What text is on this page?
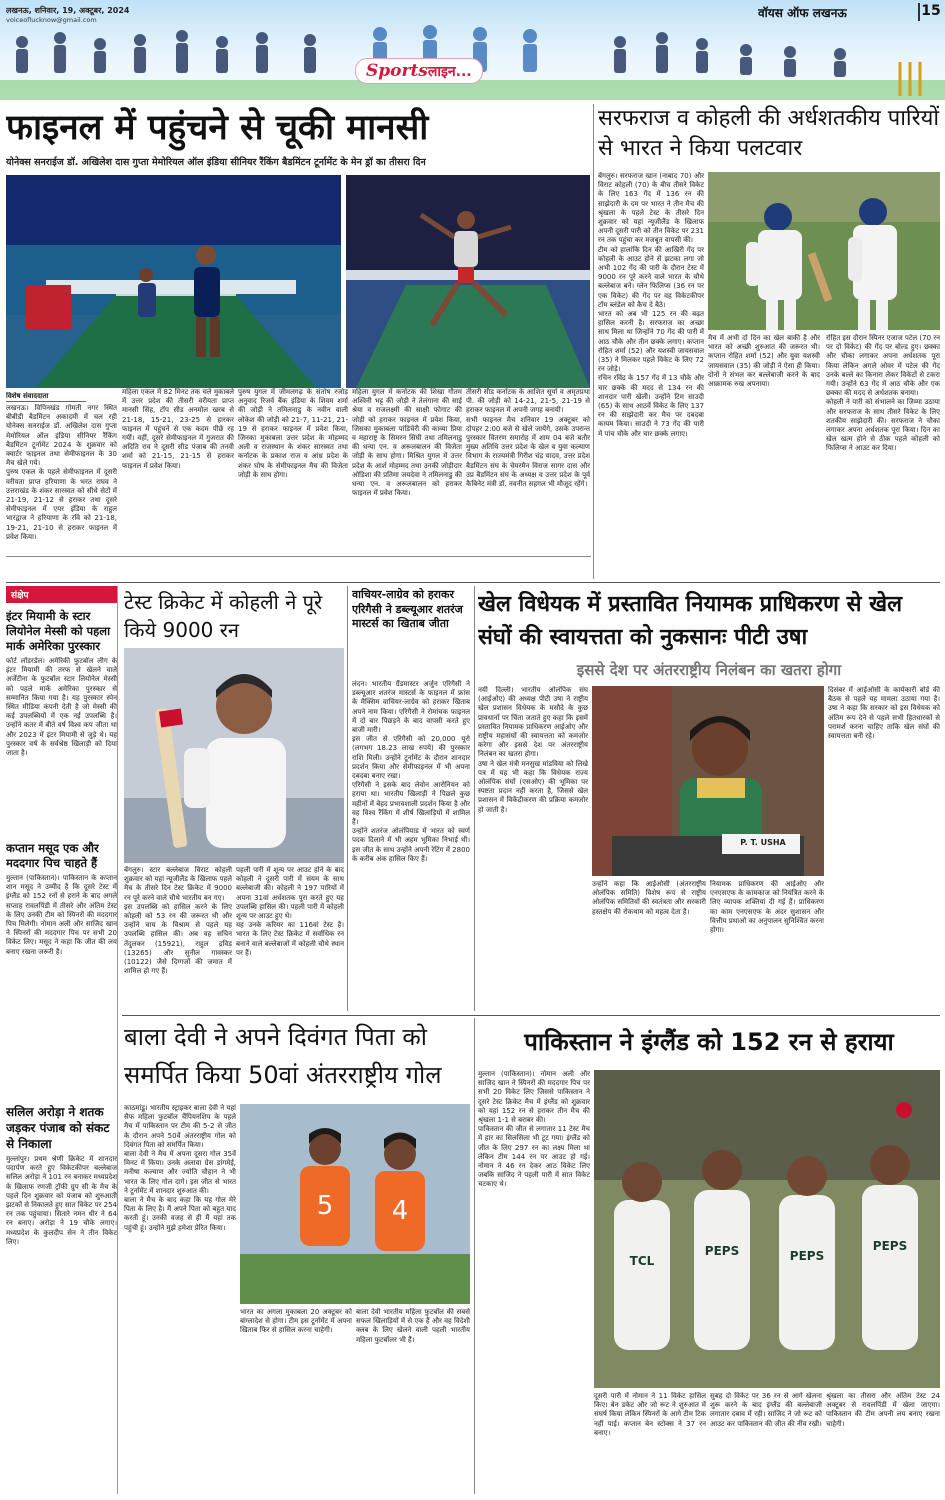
लखनऊ, शनिवार, 19, अक्टूबर, 2024
voiceoflucknow@gmail.com	वॉयस ऑफ लखनऊ	15
Sportsलाइन...
फाइनल में पहुंचने से चूकी मानसी
योनेक्स सनराईज डॉ. अखिलेश दास गुप्ता मेमोरियल ऑल इंडिया सीनियर रैंकिंग बैडमिंटन टूर्नामेंट के मेन ड्रॉ का तीसरा दिन
विशेष संवाददाता

लखनऊ। विपिनखंड गोमती नगर स्थित बीबीडी बैडमिंटन अकादमी में चल रही योनेक्स सनराईज डॉ. अखिलेश दास गुप्ता मेमोरियल ऑल इंडिया सीनियर रैंकिंग बैडमिंटन टूर्नामेंट 2024 के शुक्रवार को क्वार्टर फाइनल तथा सेमीफाइनल के 30 मैच खेले गये।

पुरुष एकल के पहले सेमीफाइनल में दूसरी वरीयता प्राप्त हरियाणा के भरत राघव ने उत्तराखंड के शंकर सारस्वत को सीधे सेटों में 21-19, 21-12 से हराकर तथा दूसरे सेमीफाइनल में एयर इंडिया के राहुल भारद्वाज ने हरियाणा के रवि को 21-18, 19-21, 21-10 से हराकर फाइनल में प्रवेश किया।

महिला एकल में 82 मिनट तक चले मुकाबले में उत्तर प्रदेश की तीसरी वरीयता प्राप्त मानसी सिंह, टॉप सीड अनमोल खरब से 21-18, 15-21, 23-25 से हारकर फाइनल में पहुंचने से एक कदम पीछे रह गयीं। वहीं, दूसरे सेमीफाइनल में गुजरात की अदिति राव ने दूसरी सीड पंजाब की तनवी शर्मा को 21-15, 21-15 से हराकर फाइनल में प्रवेश किया।

पुरुष युगल में जीमलगढ़ के संतोष रजोड़ अनुवाद रिजर्व बैंक इंडिया के शिवम शर्मा की जोड़ी ने तमिलनाडु के नवीन वाली लोकेश की जोड़ी को 21-7, 11-21, 21-19 से हराकर फाइनल में प्रवेश किया, जिनका मुकाबला उत्तर प्रदेश के मोहम्मद अली व राजस्थान के शंकर सारस्वत तथा कर्नाटक के प्रकाश राज व आंध्र प्रदेश के शंकर घोष के सेमीफाइनल मैच की विजेता जोड़ी के साथ होगा।

महिला युगल में कर्नाटक की शिखा गौतम अश्विनी भट्ट की जोड़ी ने तेलंगाना की साई श्रेया व राजलक्ष्मी की साक्षी फोगाट की जोड़ी को हराकर फाइनल में प्रवेश किया, जिसका मुकाबला पांडिचेरी की काव्या प्रिया व महाराष्ट्र के सिमरन सिंघी तथा तमिलनाडु की धन्या एन. व अरूलबालन की विजेता जोड़ी के साथ होगा। मिश्रित युगल में उत्तर प्रदेश के आर्श मोहम्मद तथा उनकी जोड़ीदार ओडिशा की प्रतिमा जयदेवा ने तमिलनाडु की धन्या एन. व अरूलबालन को हराकर फाइनल में प्रवेश किया।

तीसरी सीड कर्नाटक के आशित सूर्या व अमृतप्रथा पी. की जोड़ी को 14-21, 21-5, 21-19 से हराकर फाइनल में अपनी जगह बनायी।

सभी फाइनल मैच शनिवार 19 अक्टूबर को दोपहर 2:00 बजे से खेले जायेंगे, उसके उपरान्त पुरस्कार वितरण समारोह में शाम 04 बजे बतौर मुख्य अतिथि उत्तर प्रदेश के खेल व युवा कल्याण विभाग के राज्यमंत्री गिरीश चंद्र यादव, उत्तर प्रदेश बैडमिंटन संघ के चेयरमैन विराज सागर दास और उप्र बैडमिंटन संघ के अध्यक्ष व उत्तर प्रदेश के पूर्व कैबिनेट मंत्री डॉ. नवनीत सहगल भी मौजूद रहेंगे।

सरफराज व कोहली की अर्धशतकीय पारियों से भारत ने किया पलटवार

बेंगलुरु। सरफराज खान (नाबाद 70) और विराट कोहली (70) के बीच तीसरे विकेट के लिए 163 गेंद में 136 रन की साझेदारी के दम पर भारत ने तीन मैच की श्रृंखला के पहले टेस्ट के तीसरे दिन शुक्रवार को यहां न्यूजीलैंड के खिलाफ अपनी दूसरी पारी को तीन विकेट पर 231 रन तक पहुंचा कर मजबूत वापसी की।

टीम को हालांकि दिन की आखिरी गेंद पर कोहली के आउट होने से झटका लगा जो अभी 102 गेंद की पारी के दौरान टेस्ट में 9000 रन पूरे करने वाले भारत के चौथे बल्लेबाज बने। ग्लेन फिलिप्स (36 रन पर एक विकेट) की गेंद पर वह विकेटकीपर टॉम ब्लंडेल को कैच दे बैठे।

भारत को अब भी 125 रन की बढ़त हासिल करनी है। सरफराज का अच्छा साथ मिला था जिन्होंने 70 गेंद की पारी में आठ चौके और तीन छक्के लगाए। कप्तान रोहित शर्मा (52) और यशस्वी जायसवाल (35) ने मिलकर पहले विकेट के लिए 72 रन जोड़े।

रचिन रविंद्र के 157 गेंद में 13 चौके और चार छक्के की मदद से 134 रन की शानदार पारी खेली। उन्होंने टिम साउदी (65) के साथ आठवें विकेट के लिए 137 रन की साझेदारी कर मैच पर दबदबा कायम किया। साउदी ने 73 गेंद की पारी में पांच चौके और चार छक्के लगाए।

मैच में अभी दो दिन का खेल बाकी है और भारत को अच्छी शुरुआत की जरूरत थी। कप्तान रोहित शर्मा (52) और युवा यशस्वी जायसवाल (35) की जोड़ी ने ऐसा ही किया। दोनों ने संभल कर बल्लेबाजी करने के बाद आक्रामक रुख अपनाया।

रोहित इस दौरान स्पिनर एजाज पटेल (70 रन पर दो विकेट) की गेंद पर बोल्ड हुए। छक्का और चौका लगाकर अपना अर्धशतक पूरा किया लेकिन अगले ओवर में पटेल की गेंद उनके बल्ले का किनारा लेकर विकेटों से टकरा गयी। उन्होंने 63 गेंद में आठ चौके और एक छक्का की मदद से अर्धशतक बनाया।

कोहली ने पारी को संभालने का जिम्मा उठाया और सरफराज के साथ तीसरे विकेट के लिए शतकीय साझेदारी की। सरफराज ने चौका लगाकर अपना अर्धशतक पूरा किया। दिन का खेल खत्म होने से ठीक पहले कोहली को फिलिप्स ने आउट कर दिया।

संक्षेप
इंटर मियामी के स्टार लियोनेल मेस्सी को पहला मार्क अमेरिका पुरस्कार
फोर्ट लॉडरडेल। अमेरिकी फुटबॉल लीग के इंटर मियामी की तरफ से खेलने वाले अर्जेंटीना के फुटबॉल स्टार लियोनेल मेस्सी को पहले मार्क अमेरिका पुरस्कार से सम्मानित किया गया है। यह पुरस्कार स्पेन स्थित मीडिया कंपनी देती है जो मेस्सी की कई उपलब्धियों में एक नई उपलब्धि है। उन्होंने कतर में बीते वर्ष विश्व कप जीता था और 2023 में इंटर मियामी से जुड़े थे। यह पुरस्कार वर्ष के सर्वश्रेष्ठ खिलाड़ी को दिया जाता है।
कप्तान मसूद एक और मददगार पिच चाहते हैं
मुल्तान (पाकिस्तान)। पाकिस्तान के कप्तान शान मसूद ने उम्मीद है कि दूसरे टेस्ट में इंग्लैंड को 152 रनों से हराने के बाद अगले सप्ताह रावलपिंडी में तीसरे और अंतिम टेस्ट के लिए उनकी टीम को स्पिनरों की मददगार पिच मिलेगी। नोमान अली और साजिद खान ने स्पिनरों की मददगार पिच पर सभी 20 विकेट लिए। मसूद ने कहा कि जीत की लय बनाए रखना जरूरी है।
सलिल अरोड़ा ने शतक जड़कर पंजाब को संकट से निकाला
मुल्लांपुर। प्रथम श्रेणी क्रिकेट में शानदार पदार्पण करते हुए विकेटकीपर बल्लेबाज सलिल अरोड़ा ने 101 रन बनाकर मध्यप्रदेश के खिलाफ रणजी ट्रॉफी ग्रुप सी के मैच के पहले दिन शुक्रवार को पंजाब को शुरुआती झटकों से निकालते हुए सात विकेट पर 254 रन तक पहुंचाया। सितारे नमन धीर ने 64 रन बनाए। अरोड़ा ने 19 चौके लगाए। मध्यप्रदेश के कुलदीप सेन ने तीन विकेट लिए।
टेस्ट क्रिकेट में कोहली ने पूरे किये 9000 रन

बेंगलुरु। स्टार बल्लेबाज विराट कोहली शुक्रवार को यहां न्यूजीलैंड के खिलाफ पहले मैच के तीसरे दिन टेस्ट क्रिकेट में 9000 रन पूरे करने वाले चौथे भारतीय बन गए।

इस उपलब्धि को हासिल करने के लिए कोहली को 53 रन की जरूरत थी और उन्होंने चाय के विश्राम से पहले यह उपलब्धि हासिल की। अब वह सचिन तेंदुलकर (15921), राहुल द्रविड़ (13265) और सुनील गावस्कर (10122) जैसे दिग्गजों की जमात में शामिल हो गए हैं।

पहली पारी में शून्य पर आउट होने के बाद कोहली ने दूसरी पारी में संयम के साथ बल्लेबाजी की। कोहली ने 197 पारियों में अपना 31वां अर्धशतक पूरा करते हुए यह उपलब्धि हासिल की। पहली पारी में कोहली शून्य पर आउट हुए थे।

यह उनके करियर का 116वां टेस्ट है। भारत के लिए टेस्ट क्रिकेट में सर्वाधिक रन बनाने वाले बल्लेबाजों में कोहली चौथे स्थान पर हैं।

वाचियर-लाग्रेव को हराकर एरिगैसी ने डब्ल्यूआर शतरंज मास्टर्स का खिताब जीता

लंदन। भारतीय ग्रैंडमास्टर अर्जुन एरिगैसी ने डब्ल्यूआर शतरंज मास्टर्स के फाइनल में फ्रांस के मैक्सिम वाचियर-लाग्रेव को हराकर खिताब अपने नाम किया। एरिगैसी ने रोमांचक फाइनल में दो बार पिछड़ने के बाद वापसी करते हुए बाजी मारी।

इस जीत से एरिगैसी को 20,000 यूरो (लगभग 18.23 लाख रुपये) की पुरस्कार राशि मिली। उन्होंने टूर्नामेंट के दौरान शानदार प्रदर्शन किया और सेमीफाइनल में भी अपना दबदबा बनाए रखा।

एरिगैसी ने इसके बाद लेवोन आरोनियन को हराया था। भारतीय खिलाड़ी ने पिछले कुछ महीनों में बेहद प्रभावशाली प्रदर्शन किया है और वह विश्व रैंकिंग में शीर्ष खिलाड़ियों में शामिल हैं।

उन्होंने शतरंज ओलंपियाड में भारत को स्वर्ण पदक दिलाने में भी अहम भूमिका निभाई थी। इस जीत के साथ उन्होंने अपनी रेटिंग में 2800 के करीब अंक हासिल किए हैं।

खेल विधेयक में प्रस्तावित नियामक प्राधिकरण से खेल संघों की स्वायत्तता को नुकसानः पीटी उषा
इससे देश पर अंतरराष्ट्रीय निलंबन का खतरा होगा

नयी दिल्ली। भारतीय ओलंपिक संघ (आईओए) की अध्यक्ष पीटी उषा ने राष्ट्रीय खेल प्रशासन विधेयक के मसौदे के कुछ प्रावधानों पर चिंता जताते हुए कहा कि इसमें प्रस्तावित नियामक प्राधिकरण आईओए और राष्ट्रीय महासंघों की स्वायत्तता को कमजोर करेगा और इससे देश पर अंतरराष्ट्रीय निलंबन का खतरा होगा।

उषा ने खेल मंत्री मनसुख मांडविया को लिखे पत्र में यह भी कहा कि विधेयक राज्य ओलंपिक संघों (एसओए) की भूमिका पर स्पष्टता प्रदान नहीं करता है, जिससे खेल प्रशासन में विकेंद्रीकरण की प्रक्रिया कमजोर हो जाती है।

P. T. USHA

दिसंबर में आईओसी के कार्यकारी बोर्ड की बैठक से पहले यह मामला उठाया गया है। उषा ने कहा कि सरकार को इस विधेयक को अंतिम रूप देने से पहले सभी हितधारकों से परामर्श करना चाहिए ताकि खेल संघों की स्वायत्तता बनी रहे।

उन्होंने कहा कि आईओसी (अंतरराष्ट्रीय ओलंपिक समिति) विशेष रूप से राष्ट्रीय ओलंपिक समितियों की स्वतंत्रता और सरकारी हस्तक्षेप की रोकथाम को महत्व देता है।

नियामक प्राधिकरण की आईओए और एनएसएफ के कामकाज को नियंत्रित करने के लिए व्यापक शक्तियां दी गई हैं। प्राधिकरण का काम एनएसएफ के अंदर सुशासन और वित्तीय प्रथाओं का अनुपालन सुनिश्चित करना होगा।

बाला देवी ने अपने दिवंगत पिता को समर्पित किया 50वां अंतरराष्ट्रीय गोल

काठमांडू। भारतीय स्ट्राइकर बाला देवी ने यहां सैफ महिला फुटबॉल चैंपियनशिप के पहले मैच में पाकिस्तान पर टीम की 5-2 से जीत के दौरान अपने 50वें अंतरराष्ट्रीय गोल को दिवंगत पिता को समर्पित किया।

बाला देवी ने मैच में अपना दूसरा गोल 35वें मिनट में किया। उनके अलावा ग्रेस डांगमेई, मनीषा कल्याण और ज्योति चौहान ने भी भारत के लिए गोल दागे। इस जीत से भारत ने टूर्नामेंट में शानदार शुरुआत की।

बाला ने मैच के बाद कहा कि यह गोल मेरे पिता के लिए है। मैं अपने पिता को बहुत याद करती हूं। उनकी वजह से ही मैं यहां तक पहुंची हूं। उन्होंने मुझे हमेशा प्रेरित किया।

5 4

भारत का अगला मुकाबला 20 अक्टूबर को बांग्लादेश से होगा। टीम इस टूर्नामेंट में अपना खिताब फिर से हासिल करना चाहेगी।

बाला देवी भारतीय महिला फुटबॉल की सबसे सफल खिलाड़ियों में से एक हैं और वह विदेशी क्लब के लिए खेलने वाली पहली भारतीय महिला फुटबॉलर भी हैं।

पाकिस्तान ने इंग्लैंड को 152 रन से हराया

मुल्तान (पाकिस्तान)। नोमान अली और साजिद खान ने स्पिनरों की मददगार पिच पर सभी 20 विकेट लिए जिससे पाकिस्तान ने दूसरे टेस्ट क्रिकेट मैच में इंग्लैंड को शुक्रवार को यहां 152 रन से हराकर तीन मैच की श्रृंखला 1-1 से बराबर की।

पाकिस्तान की जीत से लगातार 11 टेस्ट मैच में हार का सिलसिला भी टूट गया। इंग्लैंड को जीत के लिए 297 रन का लक्ष्य मिला था लेकिन टीम 144 रन पर आउट हो गई। नोमान ने 46 रन देकर आठ विकेट लिए जबकि साजिद ने पहली पारी में सात विकेट चटकाए थे।

TCL
PEPS	PEPS
PEPS

दूसरी पारी में नोमान ने 11 विकेट हासिल किए। बेन डकेट और जो रूट ने शुरुआत में संघर्ष किया लेकिन स्पिनरों के आगे टीम टिक नहीं पाई। कप्तान बेन स्टोक्स ने 37 रन बनाए।

सुबह दो विकेट पर 36 रन से आगे खेलना शुरू करने के बाद इंग्लैंड की बल्लेबाजी लगातार दबाव में रही। साजिद ने जो रूट को आउट कर पाकिस्तान की जीत की नींव रखी।

श्रृंखला का तीसरा और अंतिम टेस्ट 24 अक्टूबर से रावलपिंडी में खेला जाएगा। पाकिस्तान की टीम अपनी लय बनाए रखना चाहेगी।
